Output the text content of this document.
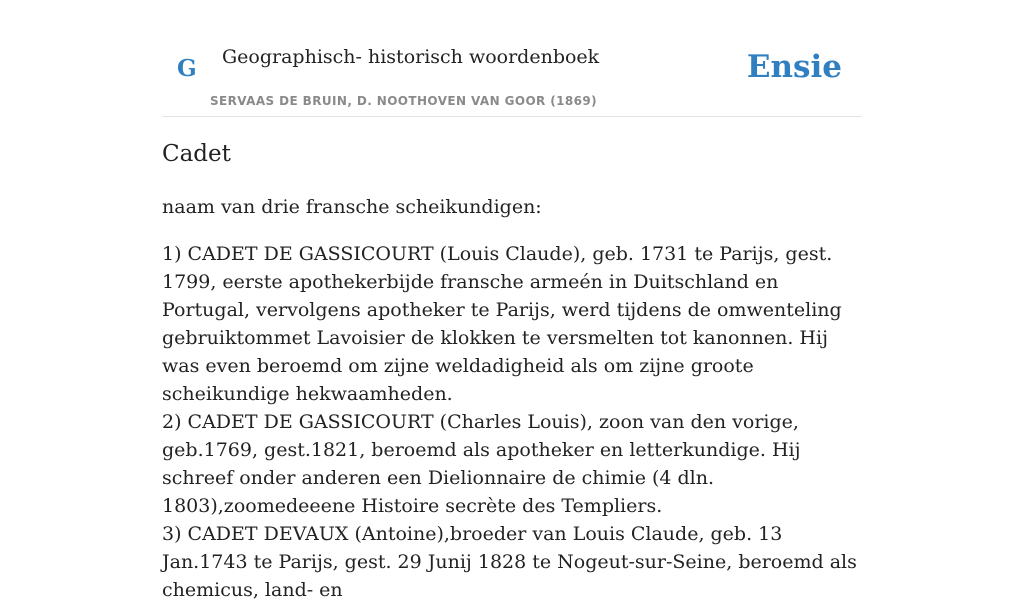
G Geographisch- historisch woordenboek
SERVAAS DE BRUIN, D. NOOTHOVEN VAN GOOR (1869)
Ensie
Cadet

naam van drie fransche scheikundigen:

1) CADET DE GASSICOURT (Louis Claude), geb. 1731 te Parijs, gest. 1799, eerste apothekerbijde fransche armeén in Duitschland en Portugal, vervolgens apotheker te Parijs, werd tijdens de omwenteling gebruiktommet Lavoisier de klokken te versmelten tot kanonnen. Hij was even beroemd om zijne weldadigheid als om zijne groote scheikundige hekwaamheden.
2) CADET DE GASSICOURT (Charles Louis), zoon van den vorige, geb.1769, gest.1821, beroemd als apotheker en letterkundige. Hij schreef onder anderen een Dielionnaire de chimie (4 dln. 1803),zoomedeeene Histoire secrète des Templiers.
3) CADET DEVAUX (Antoine),broeder van Louis Claude, geb. 13 Jan.1743 te Parijs, gest. 29 Junij 1828 te Nogeut-sur-Seine, beroemd als chemicus, land- en
